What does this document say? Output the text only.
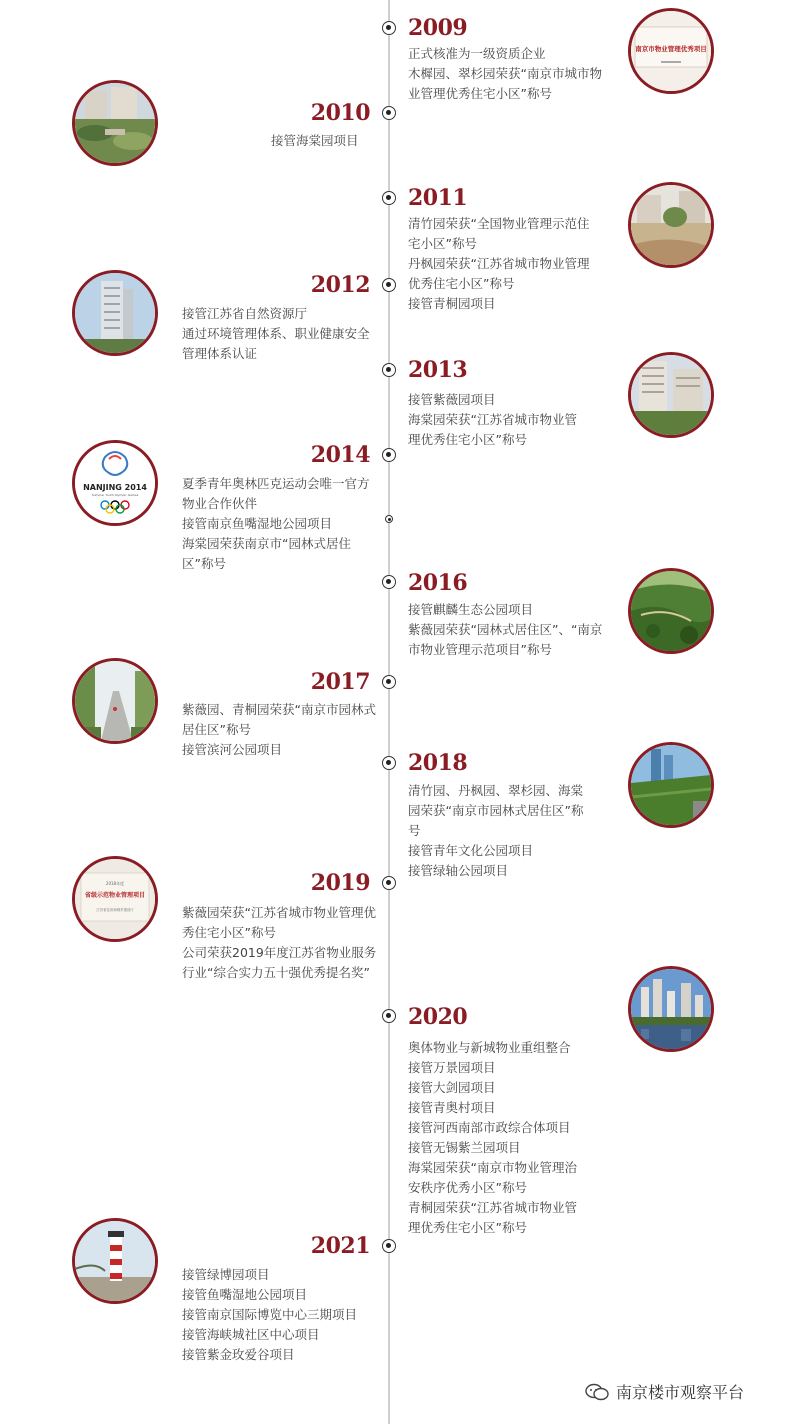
2009
正式核准为一级资质企业
木樨园、翠杉园荣获“南京市城市物业管理优秀住宅小区”称号
南京市物业管理优秀项目
2010
接管海棠园项目
2011
清竹园荣获“全国物业管理示范住宅小区”称号
丹枫园荣获“江苏省城市物业管理优秀住宅小区”称号
接管青桐园项目
2012
接管江苏省自然资源厅
通过环境管理体系、职业健康安全管理体系认证
2013
接管紫薇园项目
海棠园荣获“江苏省城市物业管理优秀住宅小区”称号
2014
夏季青年奥林匹克运动会唯一官方物业合作伙伴
接管南京鱼嘴湿地公园项目
海棠园荣获南京市“园林式居住区”称号
NANJING 2014
Summer Youth Olympic Games
2016
接管麒麟生态公园项目
紫薇园荣获“园林式居住区”、“南京市物业管理示范项目”称号
2017
紫薇园、青桐园荣获“南京市园林式居住区”称号
接管滨河公园项目
2018
清竹园、丹枫园、翠杉园、海棠园荣获“南京市园林式居住区”称号
接管青年文化公园项目
接管绿轴公园项目
2019
紫薇园荣获“江苏省城市物业管理优秀住宅小区”称号
公司荣获2019年度江苏省物业服务行业“综合实力五十强优秀提名奖”
2018年度
省级示范物业管理项目
江苏省住房和城乡建设厅
2020
奥体物业与新城物业重组整合
接管万景园项目
接管大剑园项目
接管青奥村项目
接管河西南部市政综合体项目
接管无锡紫兰园项目
海棠园荣获“南京市物业管理治安秩序优秀小区”称号
青桐园荣获“江苏省城市物业管理优秀住宅小区”称号
2021
接管绿博园项目
接管鱼嘴湿地公园项目
接管南京国际博览中心三期项目
接管海峡城社区中心项目
接管紫金玫爱谷项目
南京楼市观察平台
